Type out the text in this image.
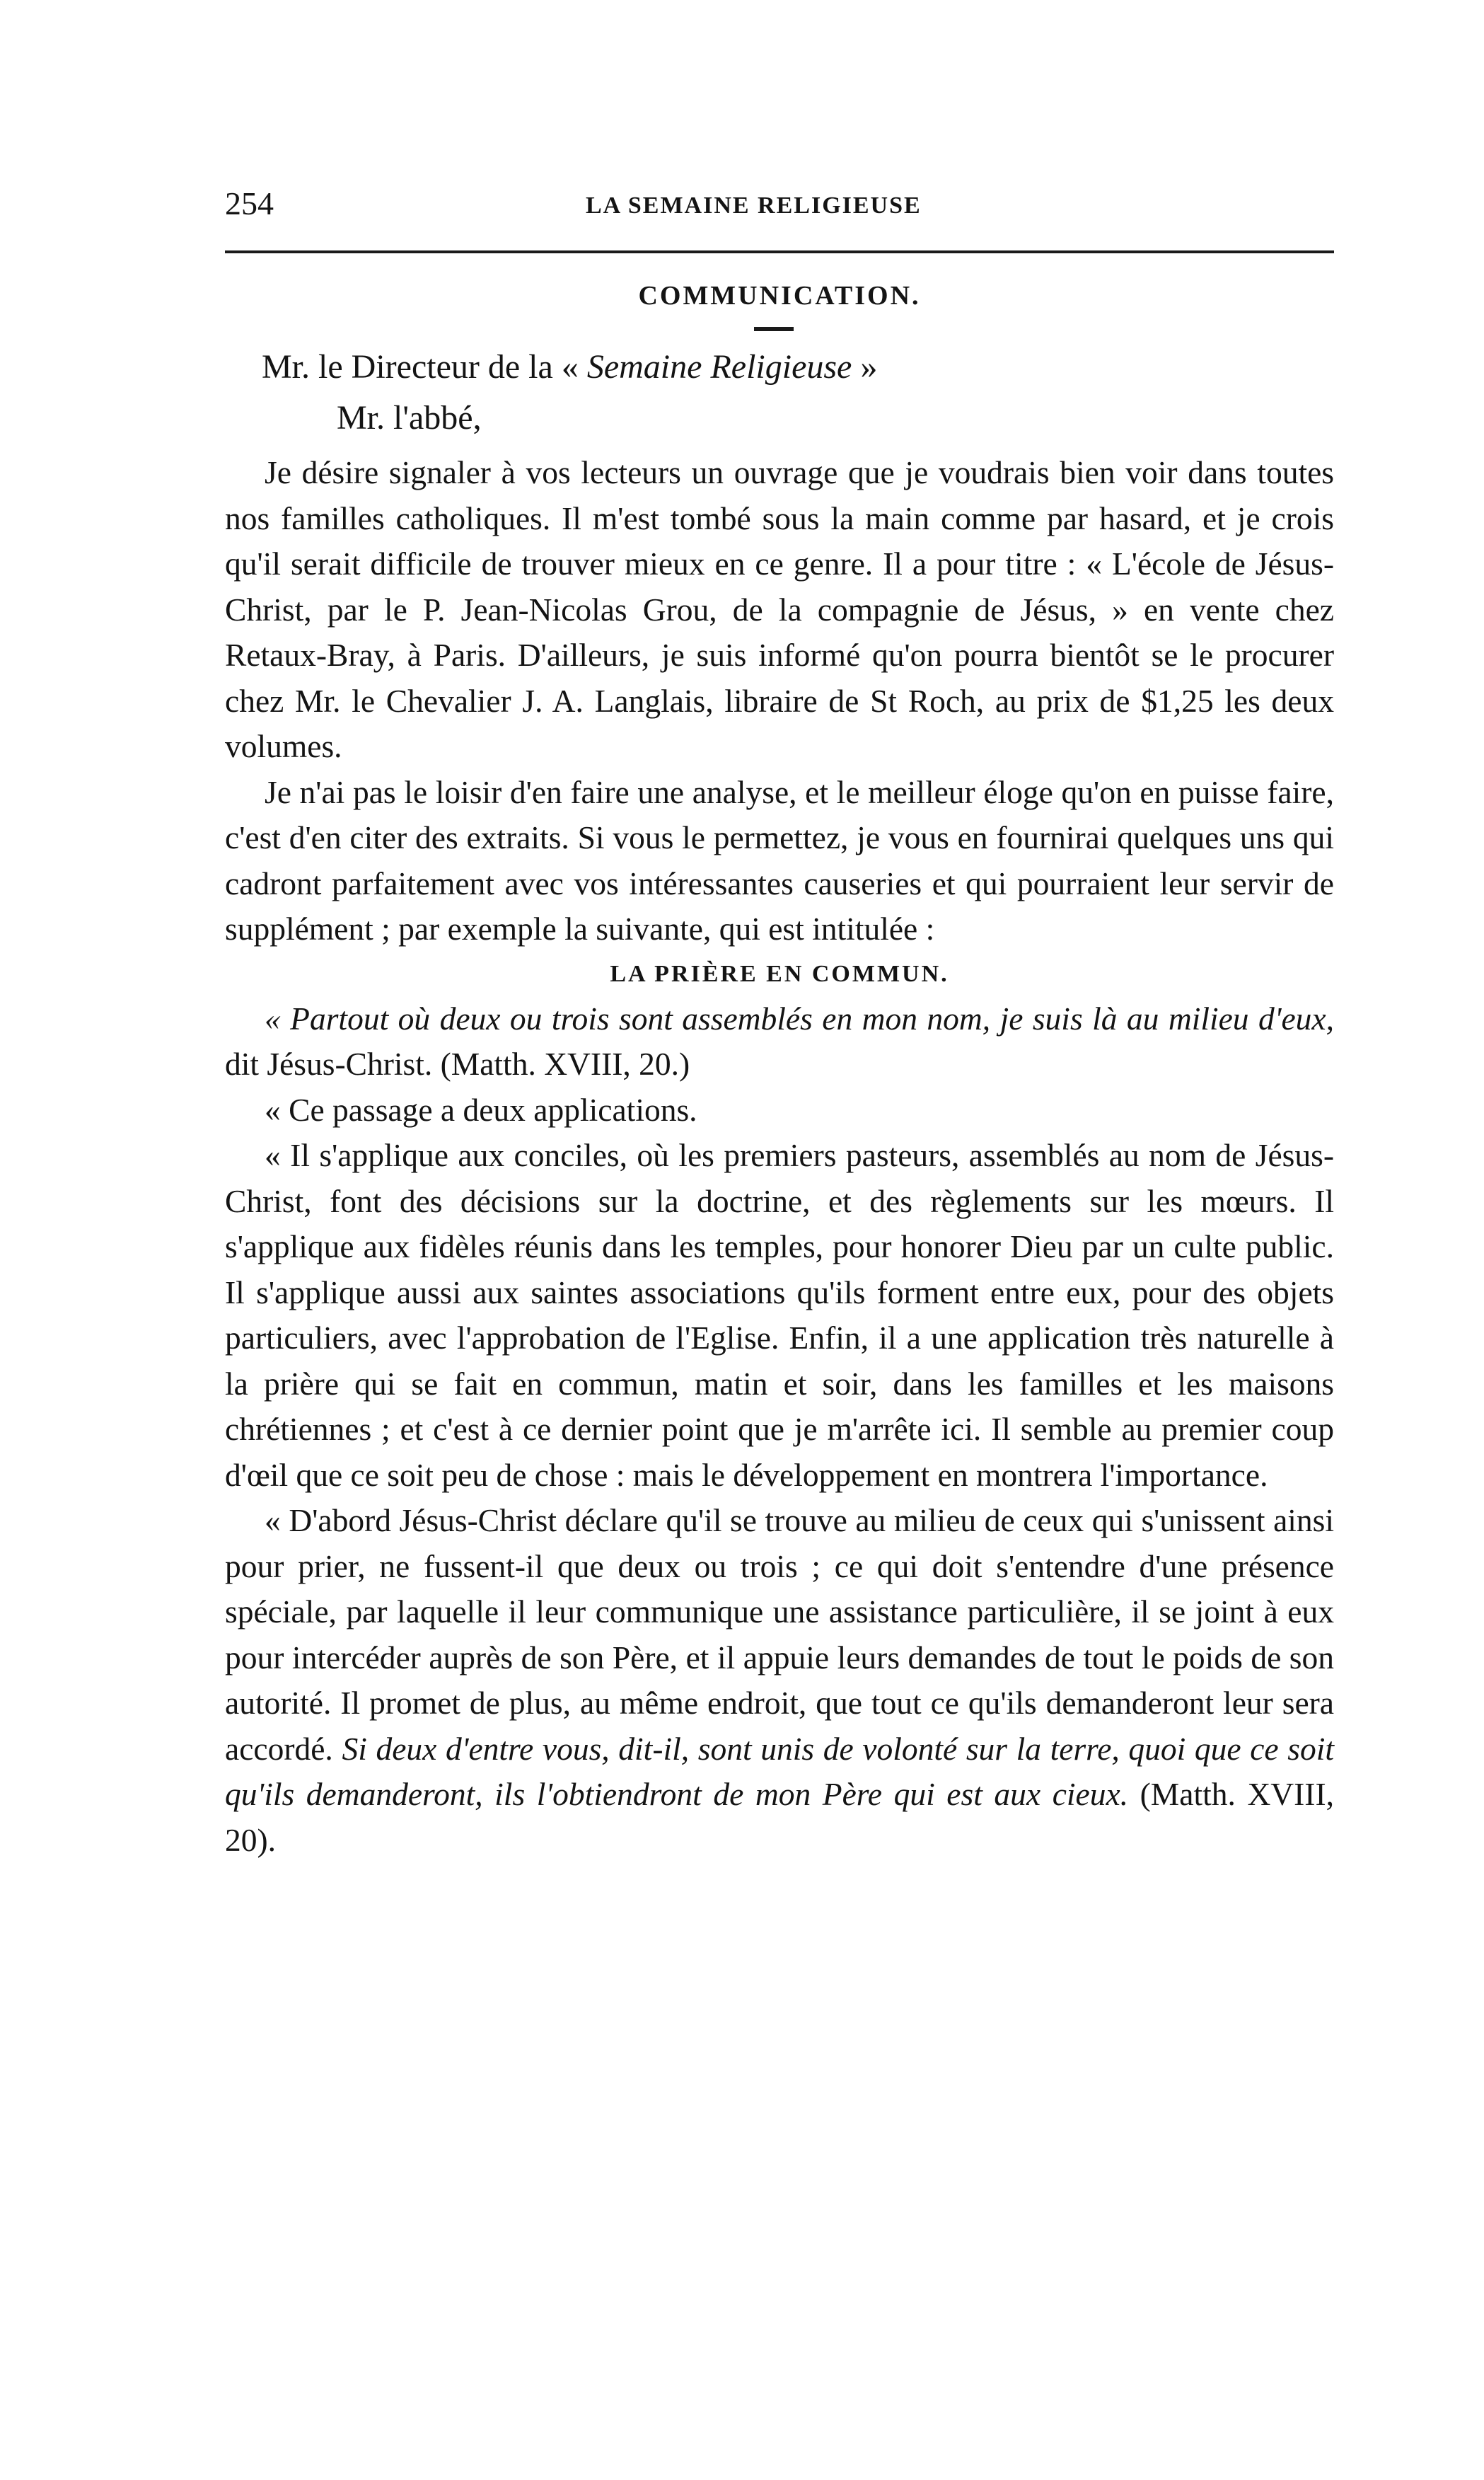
254	LA SEMAINE RELIGIEUSE
COMMUNICATION.
Mr. le Directeur de la « Semaine Religieuse »
Mr. l'abbé,

Je désire signaler à vos lecteurs un ouvrage que je voudrais bien voir dans toutes nos familles catholiques. Il m'est tombé sous la main comme par hasard, et je crois qu'il serait difficile de trouver mieux en ce genre. Il a pour titre : « L'école de Jésus-Christ, par le P. Jean-Nicolas Grou, de la compagnie de Jésus, » en vente chez Retaux-Bray, à Paris. D'ailleurs, je suis informé qu'on pourra bientôt se le procurer chez Mr. le Chevalier J. A. Langlais, libraire de St Roch, au prix de $1,25 les deux volumes.

Je n'ai pas le loisir d'en faire une analyse, et le meilleur éloge qu'on en puisse faire, c'est d'en citer des extraits. Si vous le permettez, je vous en fournirai quelques uns qui cadront parfaitement avec vos intéressantes causeries et qui pourraient leur servir de supplément ; par exemple la suivante, qui est intitulée :

LA PRIÈRE EN COMMUN.

« Partout où deux ou trois sont assemblés en mon nom, je suis là au milieu d'eux, dit Jésus-Christ. (Matth. XVIII, 20.)

« Ce passage a deux applications.

« Il s'applique aux conciles, où les premiers pasteurs, assemblés au nom de Jésus-Christ, font des décisions sur la doctrine, et des règlements sur les mœurs. Il s'applique aux fidèles réunis dans les temples, pour honorer Dieu par un culte public. Il s'applique aussi aux saintes associations qu'ils forment entre eux, pour des objets particuliers, avec l'approbation de l'Eglise. Enfin, il a une application très naturelle à la prière qui se fait en commun, matin et soir, dans les familles et les maisons chrétiennes ; et c'est à ce dernier point que je m'arrête ici. Il semble au premier coup d'œil que ce soit peu de chose : mais le développement en montrera l'importance.

« D'abord Jésus-Christ déclare qu'il se trouve au milieu de ceux qui s'unissent ainsi pour prier, ne fussent-il que deux ou trois ; ce qui doit s'entendre d'une présence spéciale, par laquelle il leur communique une assistance particulière, il se joint à eux pour intercéder auprès de son Père, et il appuie leurs demandes de tout le poids de son autorité. Il promet de plus, au même endroit, que tout ce qu'ils demanderont leur sera accordé. Si deux d'entre vous, dit-il, sont unis de volonté sur la terre, quoi que ce soit qu'ils demanderont, ils l'obtiendront de mon Père qui est aux cieux. (Matth. XVIII, 20).
